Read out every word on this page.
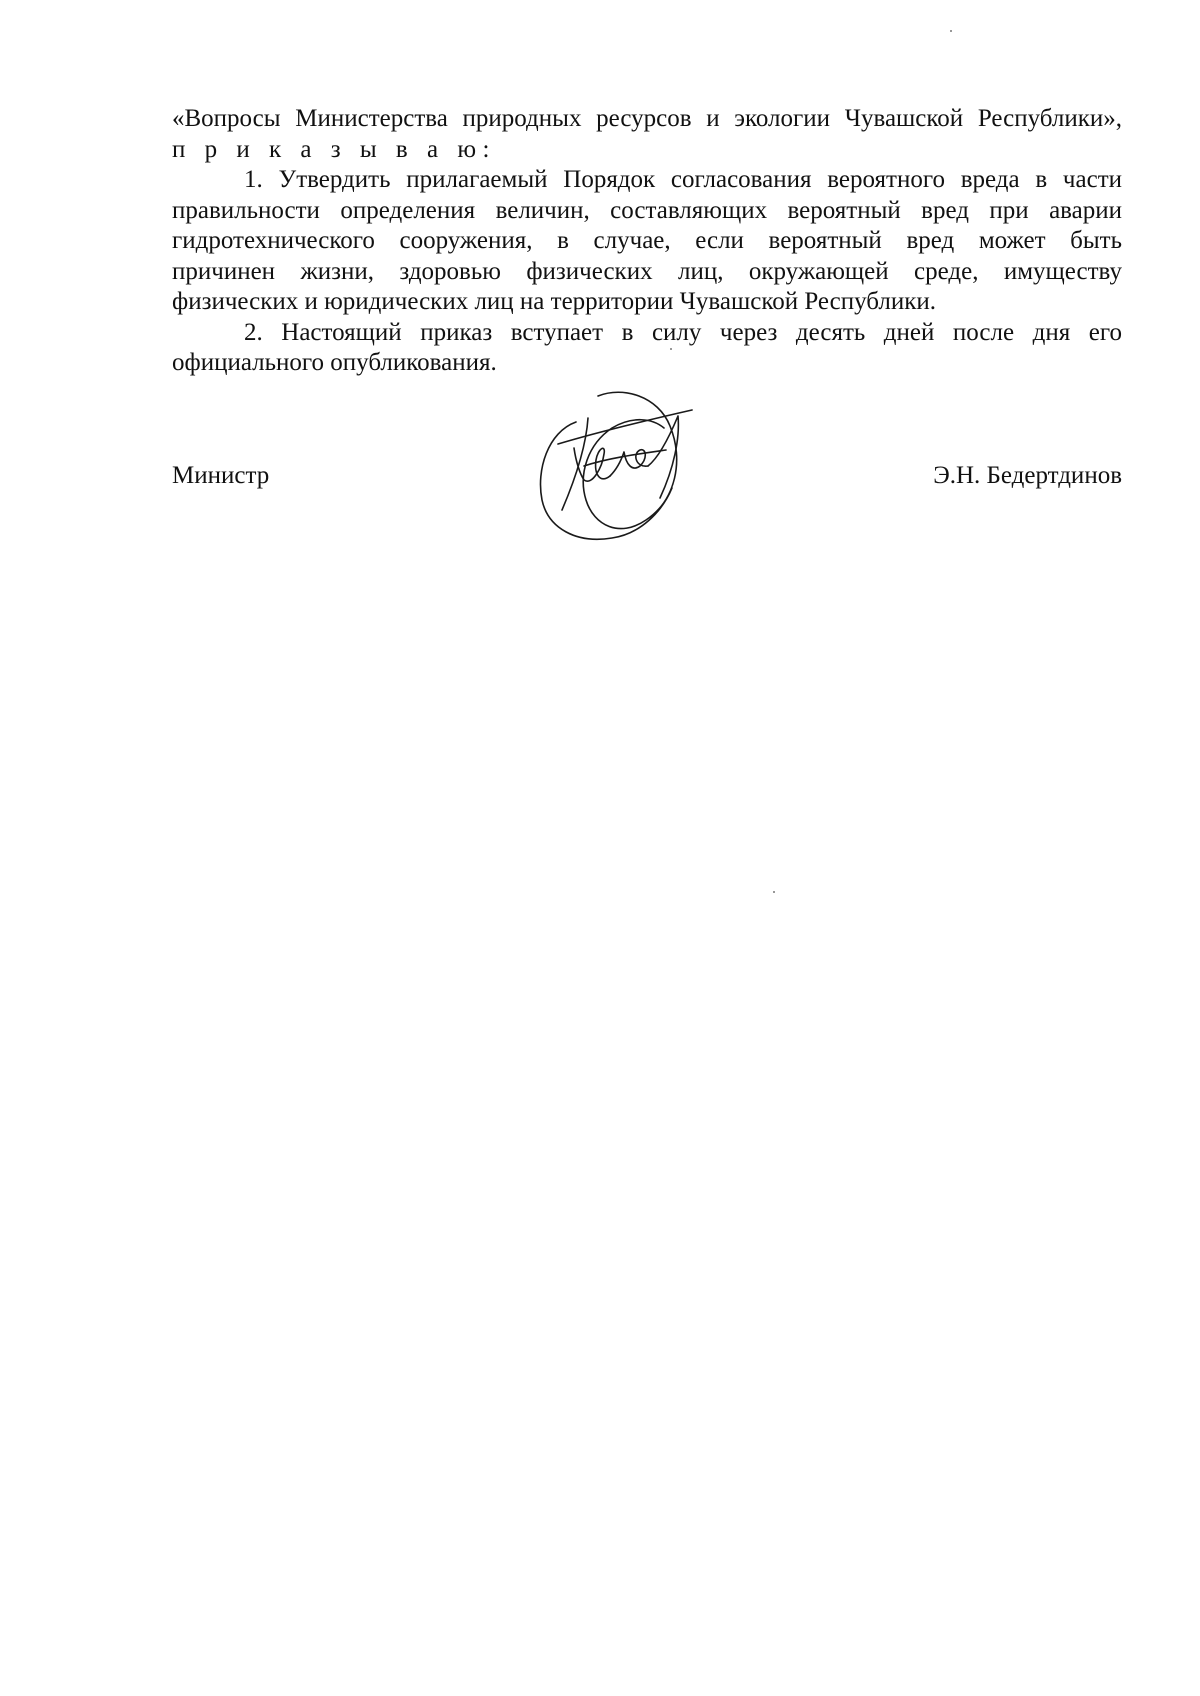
«Вопросы Министерства природных ресурсов и экологии Чувашской Республики»,
п р и к а з ы в а ю:
1. Утвердить прилагаемый Порядок согласования вероятного вреда в части
правильности определения величин, составляющих вероятный вред при аварии
гидротехнического сооружения, в случае, если вероятный вред может быть
причинен жизни, здоровью физических лиц, окружающей среде, имуществу
физических и юридических лиц на территории Чувашской Республики.
2. Настоящий приказ вступает в силу через десять дней после дня его
официального опубликования.
Министр	Э.Н. Бедертдинов
